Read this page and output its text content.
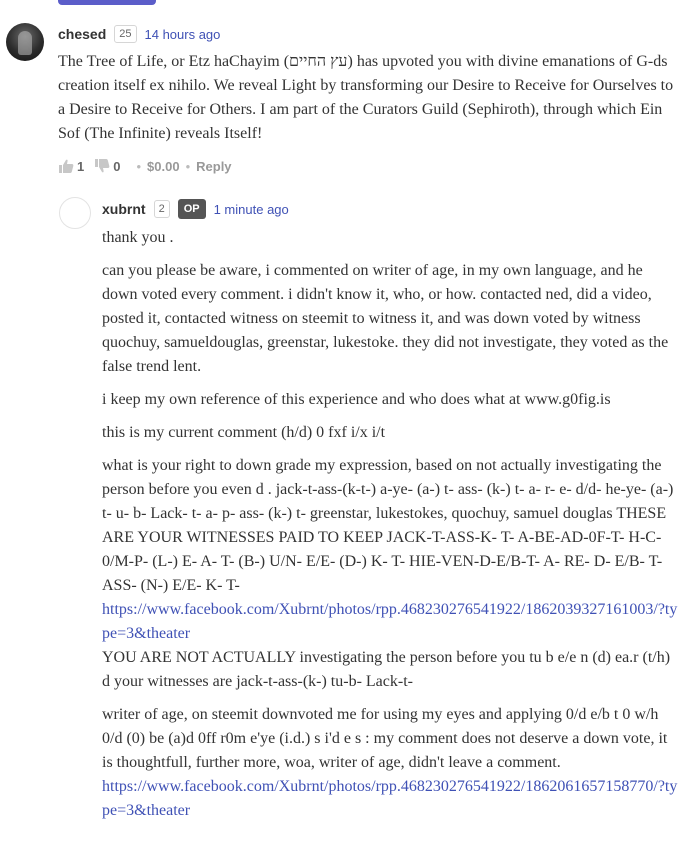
chesed	25	14 hours ago

The Tree of Life, or Etz haChayim (עץ החיים) has upvoted you with divine emanations of G-ds creation itself ex nihilo. We reveal Light by transforming our Desire to Receive for Ourselves to a Desire to Receive for Others. I am part of the Curators Guild (Sephiroth), through which Ein Sof (The Infinite) reveals Itself!

1 0 • $0.00 • Reply
xubrnt	2	OP	1 minute ago

thank you .

can you please be aware, i commented on writer of age, in my own language, and he down voted every comment. i didn't know it, who, or how. contacted ned, did a video, posted it, contacted witness on steemit to witness it, and was down voted by witness quochuy, samueldouglas, greenstar, lukestoke. they did not investigate, they voted as the false trend lent.

i keep my own reference of this experience and who does what at www.g0fig.is

this is my current comment (h/d) 0 fxf i/x i/t

what is your right to down grade my expression, based on not actually investigating the person before you even d . jack-t-ass-(k-t-) a-ye- (a-) t- ass- (k-) t- a- r- e- d/d- he-ye- (a-) t- u- b- Lack- t- a- p- ass- (k-) t- greenstar, lukestokes, quochuy, samuel douglas THESE ARE YOUR WITNESSES PAID TO KEEP JACK-T-ASS-K- T- A-BE-AD-0F-T- H-C- 0/M-P- (L-) E- A- T- (B-) U/N- E/E- (D-) K- T- HIE-VEN-D-E/B-T- A- RE- D- E/B- T- ASS- (N-) E/E- K- T-

https://www.facebook.com/Xubrnt/photos/rpp.468230276541922/1862039327161003/?type=3&theater

YOU ARE NOT ACTUALLY investigating the person before you tu b e/e n (d) ea.r (t/h) d your witnesses are jack-t-ass-(k-) tu-b- Lack-t-

writer of age, on steemit downvoted me for using my eyes and applying 0/d e/b t 0 w/h 0/d (0) be (a)d 0ff r0m e'ye (i.d.) s i'd e s : my comment does not deserve a down vote, it is thoughtfull, further more, woa, writer of age, didn't leave a comment.

https://www.facebook.com/Xubrnt/photos/rpp.468230276541922/1862061657158770/?type=3&theater
